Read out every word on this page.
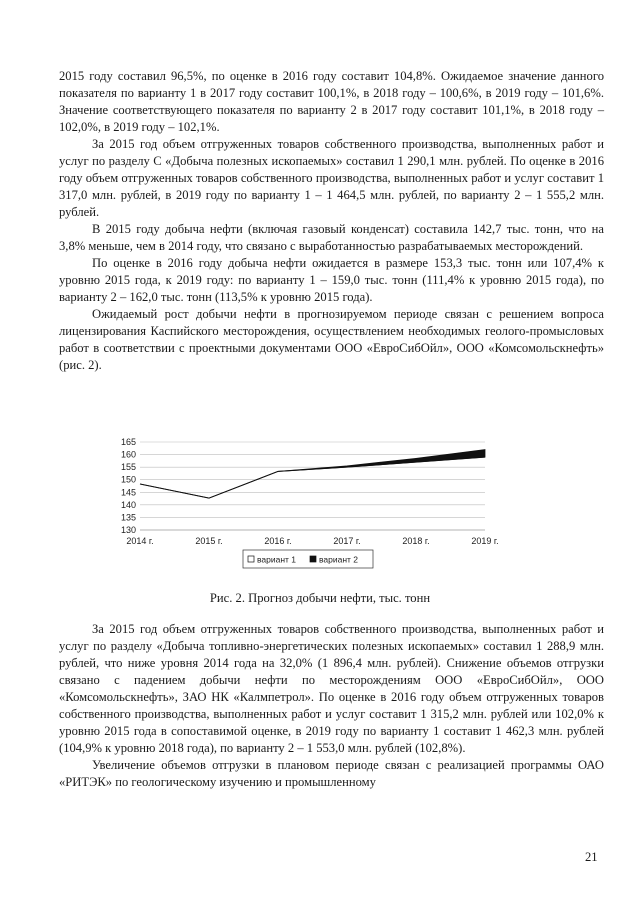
2015 году составил 96,5%, по оценке в 2016 году составит 104,8%. Ожидаемое значение данного показателя по варианту 1 в 2017 году составит 100,1%, в 2018 году – 100,6%, в 2019 году – 101,6%. Значение соответствующего показателя по варианту 2 в 2017 году составит 101,1%, в 2018 году – 102,0%, в 2019 году – 102,1%.

За 2015 год объем отгруженных товаров собственного производства, выполненных работ и услуг по разделу С «Добыча полезных ископаемых» составил 1 290,1 млн. рублей. По оценке в 2016 году объем отгруженных товаров собственного производства, выполненных работ и услуг составит 1 317,0 млн. рублей, в 2019 году по варианту 1 – 1 464,5 млн. рублей, по варианту 2 – 1 555,2 млн. рублей.

В 2015 году добыча нефти (включая газовый конденсат) составила 142,7 тыс. тонн, что на 3,8% меньше, чем в 2014 году, что связано с выработанностью разрабатываемых месторождений.

По оценке в 2016 году добыча нефти ожидается в размере 153,3 тыс. тонн или 107,4% к уровню 2015 года, к 2019 году: по варианту 1 – 159,0 тыс. тонн (111,4% к уровню 2015 года), по варианту 2 – 162,0 тыс. тонн (113,5% к уровню 2015 года).

Ожидаемый рост добычи нефти в прогнозируемом периоде связан с решением вопроса лицензирования Каспийского месторождения, осуществлением необходимых геолого-промысловых работ в соответствии с проектными документами ООО «ЕвроСибОйл», ООО «Комсомольскнефть» (рис. 2).

130
135
140
145
150
155
160
165
2014 г.	2015 г.	2016 г.	2017 г.	2018 г.	2019 г.
вариант 1	вариант 2
Рис. 2. Прогноз добычи нефти, тыс. тонн

За 2015 год объем отгруженных товаров собственного производства, выполненных работ и услуг по разделу «Добыча топливно-энергетических полезных ископаемых» составил 1 288,9 млн. рублей, что ниже уровня 2014 года на 32,0% (1 896,4 млн. рублей). Снижение объемов отгрузки связано с падением добычи нефти по месторождениям ООО «ЕвроСибОйл», ООО «Комсомольскнефть», ЗАО НК «Калмпетрол». По оценке в 2016 году объем отгруженных товаров собственного производства, выполненных работ и услуг составит 1 315,2 млн. рублей или 102,0% к уровню 2015 года в сопоставимой оценке, в 2019 году по варианту 1 составит 1 462,3 млн. рублей (104,9% к уровню 2018 года), по варианту 2 – 1 553,0 млн. рублей (102,8%).

Увеличение объемов отгрузки в плановом периоде связан с реализацией программы ОАО «РИТЭК» по геологическому изучению и промышленному

21
